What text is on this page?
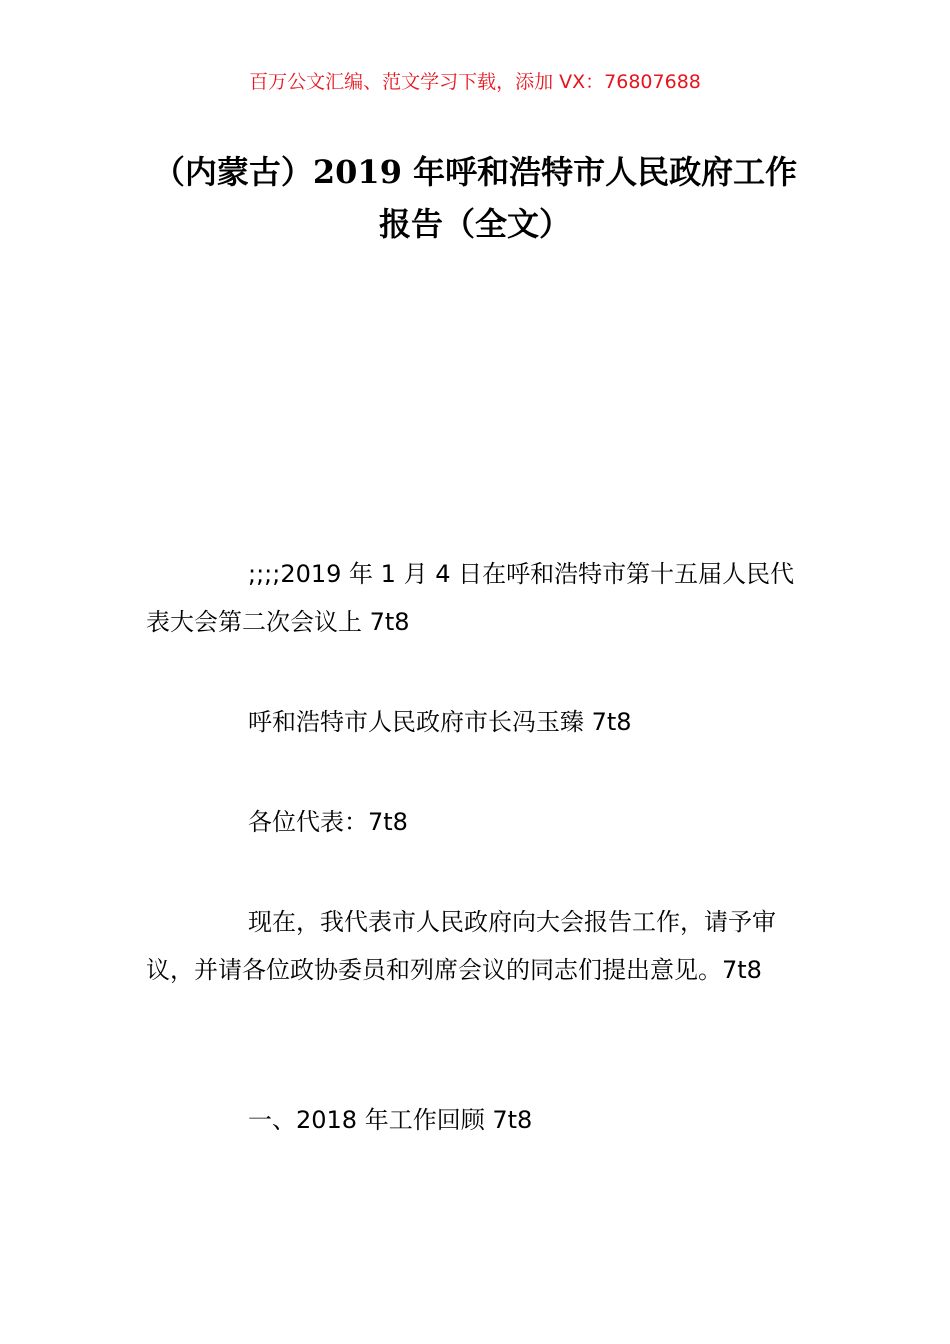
百万公文汇编、范文学习下载，添加 VX：76807688
（内蒙古）2019 年呼和浩特市人民政府工作报告（全文）

;;;;2019 年 1 月 4 日在呼和浩特市第十五届人民代表大会第二次会议上 7t8

呼和浩特市人民政府市长冯玉臻 7t8

各位代表：7t8

现在，我代表市人民政府向大会报告工作，请予审议，并请各位政协委员和列席会议的同志们提出意见。7t8

一、2018 年工作回顾 7t8
